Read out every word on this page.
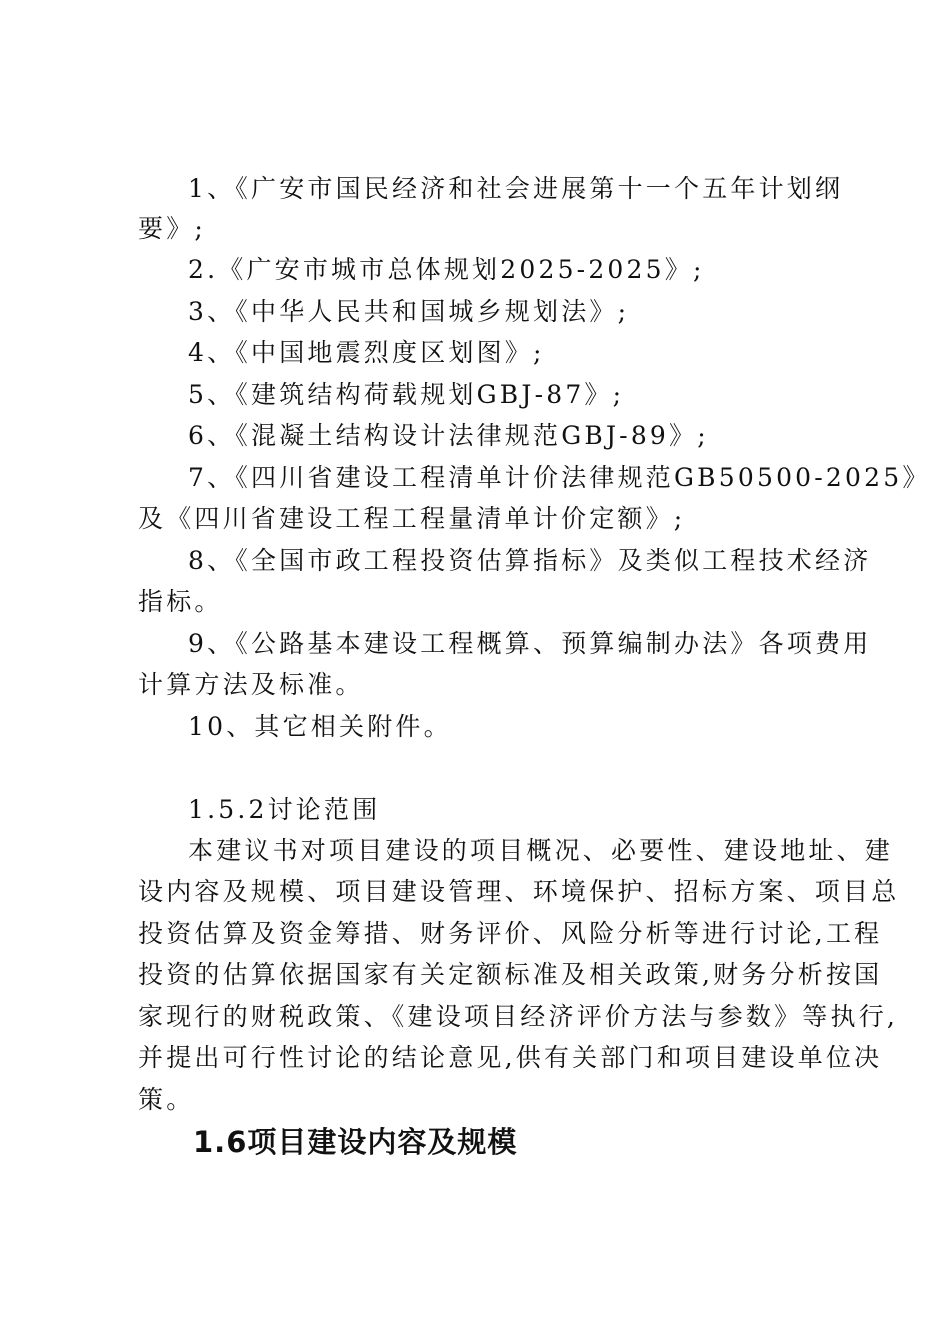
1、《广安市国民经济和社会进展第十一个五年计划纲
要》;
2.《广安市城市总体规划2025-2025》;
3、《中华人民共和国城乡规划法》;
4、《中国地震烈度区划图》;
5、《建筑结构荷载规划GBJ-87》;
6、《混凝土结构设计法律规范GBJ-89》;
7、《四川省建设工程清单计价法律规范GB50500-2025》
及《四川省建设工程工程量清单计价定额》;
8、《全国市政工程投资估算指标》及类似工程技术经济
指标。
9、《公路基本建设工程概算、预算编制办法》各项费用
计算方法及标准。
10、其它相关附件。
1.5.2讨论范围
本建议书对项目建设的项目概况、必要性、建设地址、建
设内容及规模、项目建设管理、环境保护、招标方案、项目总
投资估算及资金筹措、财务评价、风险分析等进行讨论,工程
投资的估算依据国家有关定额标准及相关政策,财务分析按国
家现行的财税政策、《建设项目经济评价方法与参数》等执行,
并提出可行性讨论的结论意见,供有关部门和项目建设单位决
策。
1.6项目建设内容及规模
